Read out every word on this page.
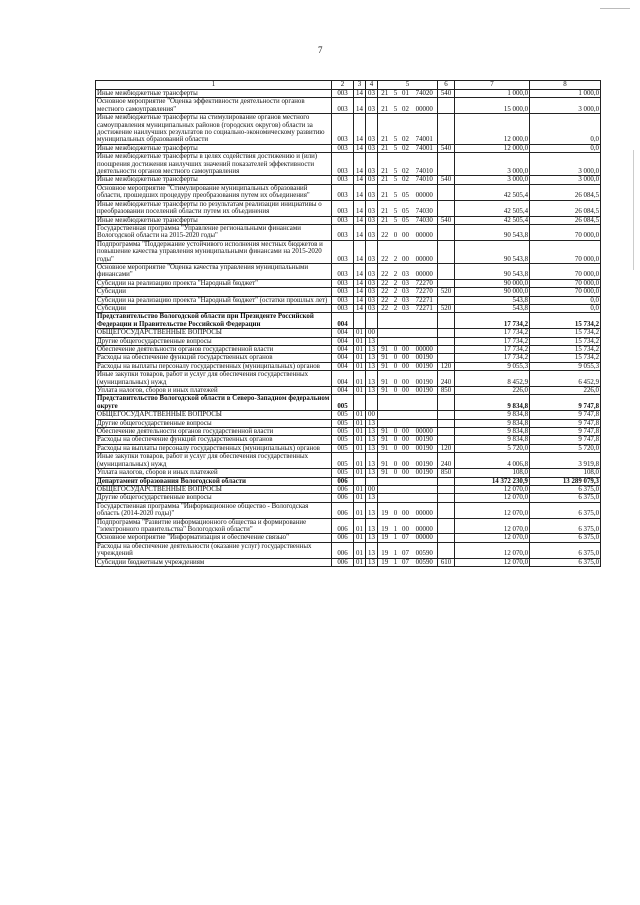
7
1	2	3	4	5				6	7	8
Иные межбюджетные трансферты	003	14	03	21	5	01	74020	540	1 000,0	1 000,0
Основное мероприятие "Оценка эффективности деятельности органов местного самоуправления"	003	14	03	21	5	02	00000		15 000,0	3 000,0
Иные межбюджетные трансферты на стимулирование органов местного самоуправления муниципальных районов (городских округов) области за достижение наилучших результатов по социально-экономическому развитию муниципальных образований области	003	14	03	21	5	02	74001		12 000,0	0,0
Иные межбюджетные трансферты	003	14	03	21	5	02	74001	540	12 000,0	0,0
Иные межбюджетные трансферты в целях содействия достижению и (или) поощрения достижения наилучших значений показателей эффективности деятельности органов местного самоуправления	003	14	03	21	5	02	74010		3 000,0	3 000,0
Иные межбюджетные трансферты	003	14	03	21	5	02	74010	540	3 000,0	3 000,0
Основное мероприятие "Стимулирование муниципальных образований области, прошедших процедуру преобразования путем их объединения"	003	14	03	21	5	05	00000		42 505,4	26 084,5
Иные межбюджетные трансферты по результатам реализации инициативы о преобразовании поселений области путем их объединения	003	14	03	21	5	05	74030		42 505,4	26 084,5
Иные межбюджетные трансферты	003	14	03	21	5	05	74030	540	42 505,4	26 084,5
Государственная программа "Управление региональными финансами Вологодской области на 2015-2020 годы"	003	14	03	22	0	00	00000		90 543,8	70 000,0
Подпрограмма "Поддержание устойчивого исполнения местных бюджетов и повышение качества управления муниципальными финансами на 2015-2020 годы"	003	14	03	22	2	00	00000		90 543,8	70 000,0
Основное мероприятие "Оценка качества управления муниципальными финансами"	003	14	03	22	2	03	00000		90 543,8	70 000,0
Субсидии на реализацию проекта "Народный бюджет"	003	14	03	22	2	03	72270		90 000,0	70 000,0
Субсидии	003	14	03	22	2	03	72270	520	90 000,0	70 000,0
Субсидии на реализацию проекта "Народный бюджет" (остатки прошлых лет)	003	14	03	22	2	03	72271		543,8	0,0
Субсидии	003	14	03	22	2	03	72271	520	543,8	0,0
Представительство Вологодской области при Президенте Российской Федерации и Правительстве Российской Федерации	004								17 734,2	15 734,2
ОБЩЕГОСУДАРСТВЕННЫЕ ВОПРОСЫ	004	01	00						17 734,2	15 734,2
Другие общегосударственные вопросы	004	01	13						17 734,2	15 734,2
Обеспечение деятельности органов государственной власти	004	01	13	91	0	00	00000		17 734,2	15 734,2
Расходы на обеспечение функций государственных органов	004	01	13	91	0	00	00190		17 734,2	15 734,2
Расходы на выплаты персоналу государственных (муниципальных) органов	004	01	13	91	0	00	00190	120	9 055,3	9 055,3
Иные закупки товаров, работ и услуг для обеспечения государственных (муниципальных) нужд	004	01	13	91	0	00	00190	240	8 452,9	6 452,9
Уплата налогов, сборов и иных платежей	004	01	13	91	0	00	00190	850	226,0	226,0
Представительство Вологодской области в Северо-Западном федеральном округе	005								9 834,8	9 747,8
ОБЩЕГОСУДАРСТВЕННЫЕ ВОПРОСЫ	005	01	00						9 834,8	9 747,8
Другие общегосударственные вопросы	005	01	13						9 834,8	9 747,8
Обеспечение деятельности органов государственной власти	005	01	13	91	0	00	00000		9 834,8	9 747,8
Расходы на обеспечение функций государственных органов	005	01	13	91	0	00	00190		9 834,8	9 747,8
Расходы на выплаты персоналу государственных (муниципальных) органов	005	01	13	91	0	00	00190	120	5 720,0	5 720,0
Иные закупки товаров, работ и услуг для обеспечения государственных (муниципальных) нужд	005	01	13	91	0	00	00190	240	4 006,8	3 919,8
Уплата налогов, сборов и иных платежей	005	01	13	91	0	00	00190	850	108,0	108,0
Департамент образования Вологодской области	006								14 372 230,9	13 289 079,3
ОБЩЕГОСУДАРСТВЕННЫЕ ВОПРОСЫ	006	01	00						12 070,0	6 375,0
Другие общегосударственные вопросы	006	01	13						12 070,0	6 375,0
Государственная программа "Информационное общество - Вологодская область (2014-2020 годы)"	006	01	13	19	0	00	00000		12 070,0	6 375,0
Подпрограмма "Развитие информационного общества и формирование "электронного правительства" Вологодской области"	006	01	13	19	1	00	00000		12 070,0	6 375,0
Основное мероприятие "Информатизация и обеспечение связью"	006	01	13	19	1	07	00000		12 070,0	6 375,0
Расходы на обеспечение деятельности (оказание услуг) государственных учреждений	006	01	13	19	1	07	00590		12 070,0	6 375,0
Субсидии бюджетным учреждениям	006	01	13	19	1	07	00590	610	12 070,0	6 375,0
